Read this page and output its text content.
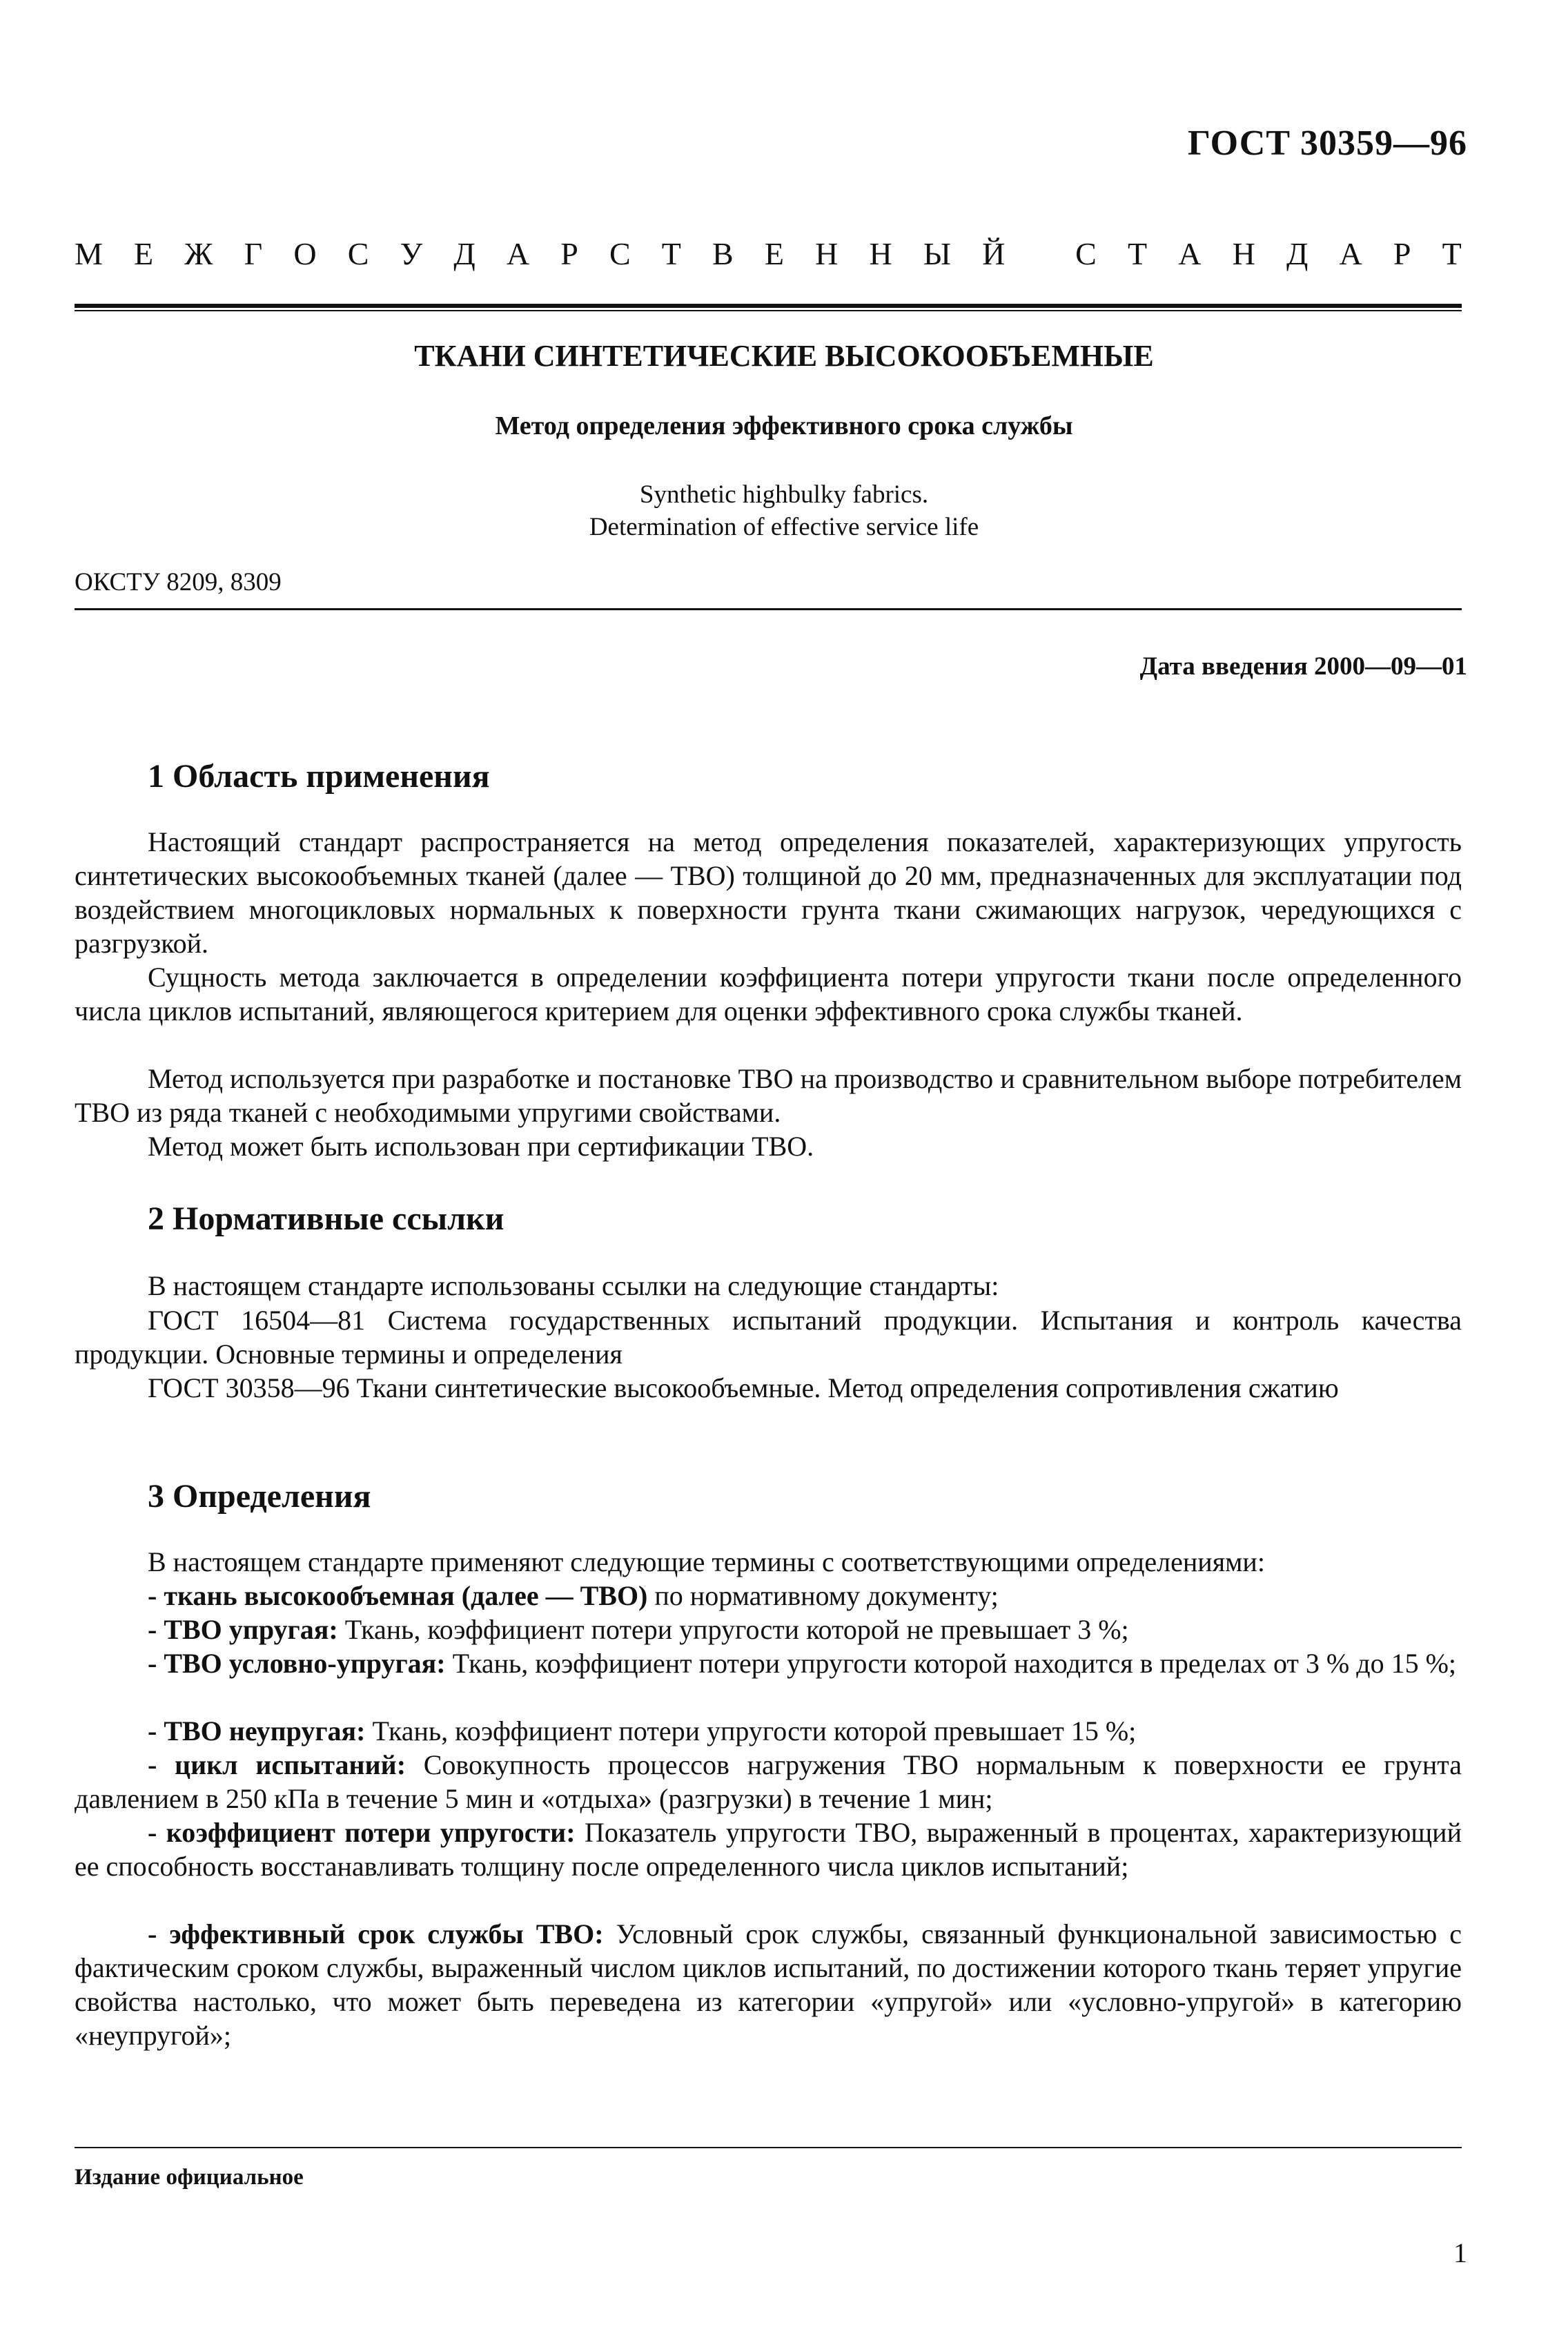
ГОСТ 30359—96
М Е Ж Г О С У Д А Р С Т В Е Н Н Ы Й
С Т А Н Д А Р Т
ТКАНИ СИНТЕТИЧЕСКИЕ ВЫСОКООБЪЕМНЫЕ
Метод определения эффективного срока службы
Synthetic highbulky fabrics.
Determination of effective service life
ОКСТУ 8209, 8309
Дата введения 2000—09—01
1 Область применения
Настоящий стандарт распространяется на метод определения показателей, характеризующих упругость синтетических высокообъемных тканей (далее — ТВО) толщиной до 20 мм, предназначенных для эксплуатации под воздействием многоцикловых нормальных к поверхности грунта ткани сжимающих нагрузок, чередующихся с разгрузкой.
Сущность метода заключается в определении коэффициента потери упругости ткани после определенного числа циклов испытаний, являющегося критерием для оценки эффективного срока службы тканей.
Метод используется при разработке и постановке ТВО на производство и сравнительном выборе потребителем ТВО из ряда тканей с необходимыми упругими свойствами.
Метод может быть использован при сертификации ТВО.
2 Нормативные ссылки
В настоящем стандарте использованы ссылки на следующие стандарты:
ГОСТ 16504—81 Система государственных испытаний продукции. Испытания и контроль качества продукции. Основные термины и определения
ГОСТ 30358—96 Ткани синтетические высокообъемные. Метод определения сопротивления сжатию
3 Определения
В настоящем стандарте применяют следующие термины с соответствующими определениями:
- ткань высокообъемная (далее — ТВО) по нормативному документу;
- ТВО упругая: Ткань, коэффициент потери упругости которой не превышает 3 %;
- ТВО условно-упругая: Ткань, коэффициент потери упругости которой находится в пределах от 3 % до 15 %;
- ТВО неупругая: Ткань, коэффициент потери упругости которой превышает 15 %;
- цикл испытаний: Совокупность процессов нагружения ТВО нормальным к поверхности ее грунта давлением в 250 кПа в течение 5 мин и «отдыха» (разгрузки) в течение 1 мин;
- коэффициент потери упругости: Показатель упругости ТВО, выраженный в процентах, характеризующий ее способность восстанавливать толщину после определенного числа циклов испытаний;
- эффективный срок службы ТВО: Условный срок службы, связанный функциональной зависимостью с фактическим сроком службы, выраженный числом циклов испытаний, по достижении которого ткань теряет упругие свойства настолько, что может быть переведена из категории «упругой» или «условно-упругой» в категорию «неупругой»;
Издание официальное
1
